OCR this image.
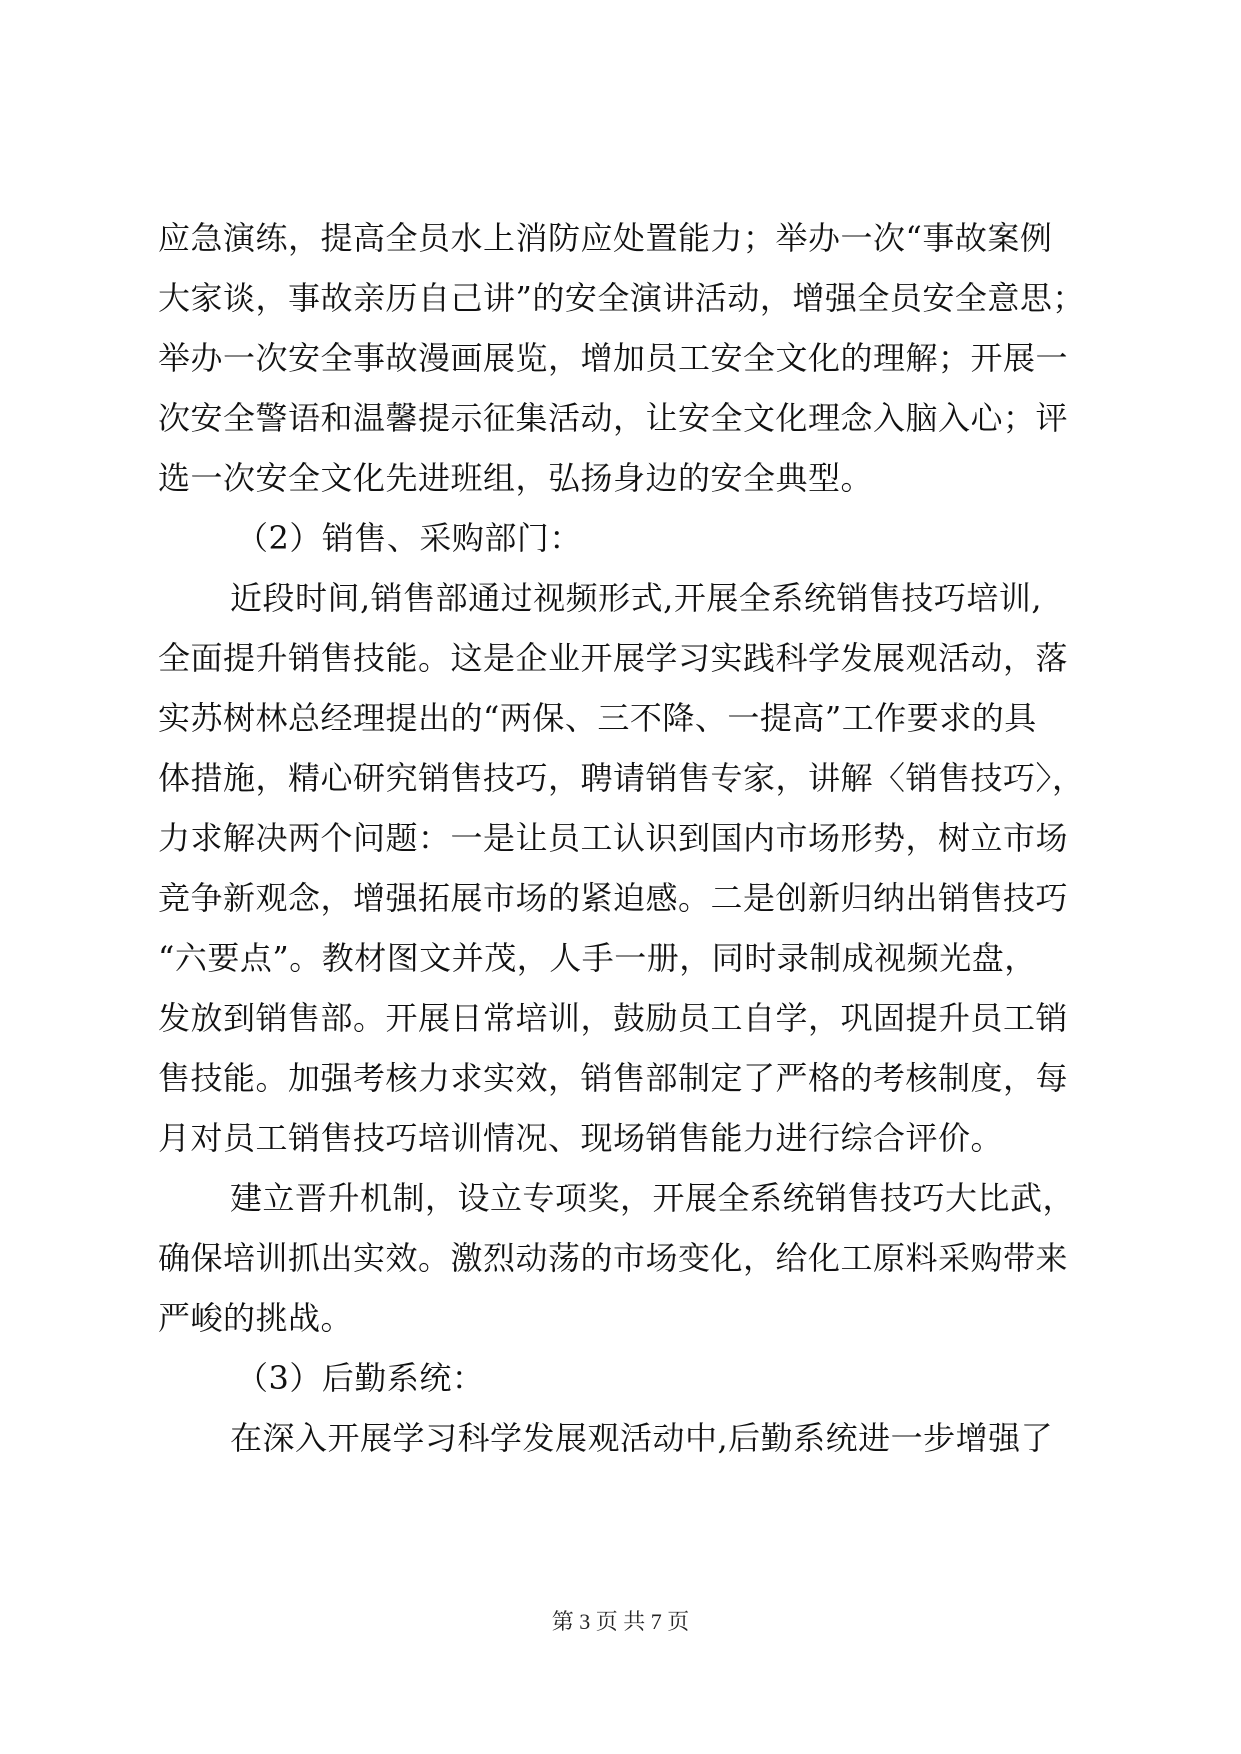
应急演练，提高全员水上消防应处置能力；举办一次“事故案例
大家谈，事故亲历自己讲”的安全演讲活动，增强全员安全意思；
举办一次安全事故漫画展览，增加员工安全文化的理解；开展一
次安全警语和温馨提示征集活动，让安全文化理念入脑入心；评
选一次安全文化先进班组，弘扬身边的安全典型。
（2）销售、采购部门：
近段时间,销售部通过视频形式,开展全系统销售技巧培训,
全面提升销售技能。这是企业开展学习实践科学发展观活动，落
实苏树林总经理提出的“两保、三不降、一提高”工作要求的具
体措施，精心研究销售技巧，聘请销售专家，讲解〈销售技巧〉，
力求解决两个问题：一是让员工认识到国内市场形势，树立市场
竞争新观念，增强拓展市场的紧迫感。二是创新归纳出销售技巧
“六要点”。教材图文并茂，人手一册，同时录制成视频光盘，
发放到销售部。开展日常培训，鼓励员工自学，巩固提升员工销
售技能。加强考核力求实效，销售部制定了严格的考核制度，每
月对员工销售技巧培训情况、现场销售能力进行综合评价。
建立晋升机制，设立专项奖，开展全系统销售技巧大比武，
确保培训抓出实效。激烈动荡的市场变化，给化工原料采购带来
严峻的挑战。
（3）后勤系统：
在深入开展学习科学发展观活动中,后勤系统进一步增强了
第 3 页 共 7 页
